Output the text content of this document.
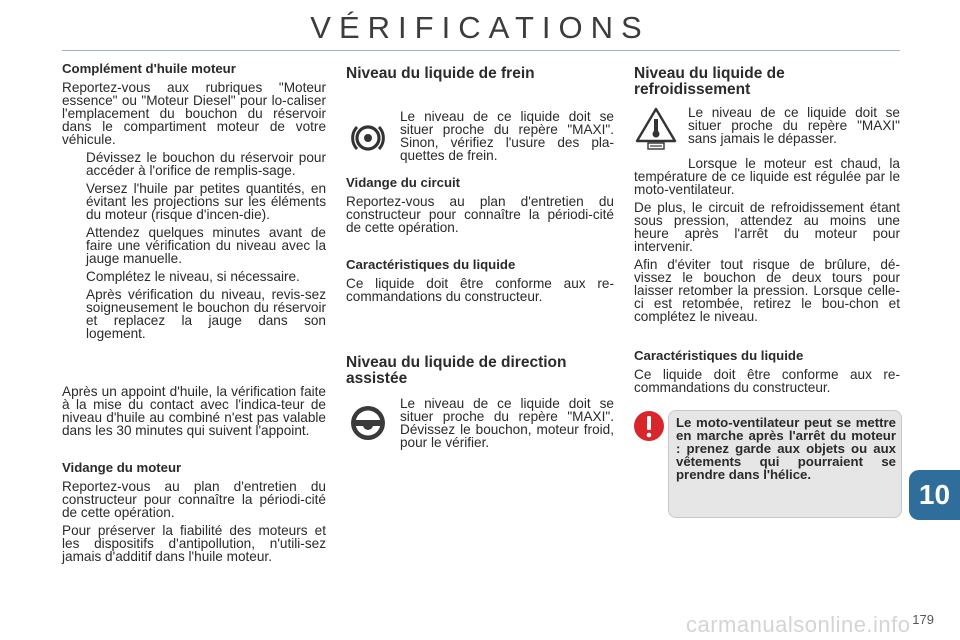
VÉRIFICATIONS
Complément d'huile moteur

Reportez-vous aux rubriques "Moteur essence" ou "Moteur Diesel" pour lo-caliser l'emplacement du bouchon du réservoir dans le compartiment moteur de votre véhicule.

Dévissez le bouchon du réservoir pour accéder à l'orifice de remplis-sage.
Versez l'huile par petites quantités, en évitant les projections sur les éléments du moteur (risque d'incen-die).
Attendez quelques minutes avant de faire une vérification du niveau avec la jauge manuelle.
Complétez le niveau, si nécessaire.
Après vérification du niveau, revis-sez soigneusement le bouchon du réservoir et replacez la jauge dans son logement.

Après un appoint d'huile, la vérification faite à la mise du contact avec l'indica-teur de niveau d'huile au combiné n'est pas valable dans les 30 minutes qui suivent l'appoint.

Vidange du moteur

Reportez-vous au plan d'entretien du constructeur pour connaître la périodi-cité de cette opération.

Pour préserver la fiabilité des moteurs et les dispositifs d'antipollution, n'utili-sez jamais d'additif dans l'huile moteur.

Niveau du liquide de frein

Le niveau de ce liquide doit se situer proche du repère "MAXI". Sinon, vérifiez l'usure des pla-quettes de frein.

Vidange du circuit

Reportez-vous au plan d'entretien du constructeur pour connaître la périodi-cité de cette opération.

Caractéristiques du liquide

Ce liquide doit être conforme aux re-commandations du constructeur.

Niveau du liquide de direction assistée

Le niveau de ce liquide doit se situer proche du repère "MAXI". Dévissez le bouchon, moteur froid, pour le vérifier.

Niveau du liquide de refroidissement

Le niveau de ce liquide doit se situer proche du repère "MAXI" sans jamais le dépasser.

Lorsque le moteur est chaud, la température de ce liquide est régulée par le moto-ventilateur.

De plus, le circuit de refroidissement étant sous pression, attendez au moins une heure après l'arrêt du moteur pour intervenir.

Afin d'éviter tout risque de brûlure, dé-vissez le bouchon de deux tours pour laisser retomber la pression. Lorsque celle-ci est retombée, retirez le bou-chon et complétez le niveau.

Caractéristiques du liquide

Ce liquide doit être conforme aux re-commandations du constructeur.

Le moto-ventilateur peut se mettre en marche après l'arrêt du moteur : prenez garde aux objets ou aux vêtements qui pourraient se prendre dans l'hélice.
10
carmanualsonline.info 179
